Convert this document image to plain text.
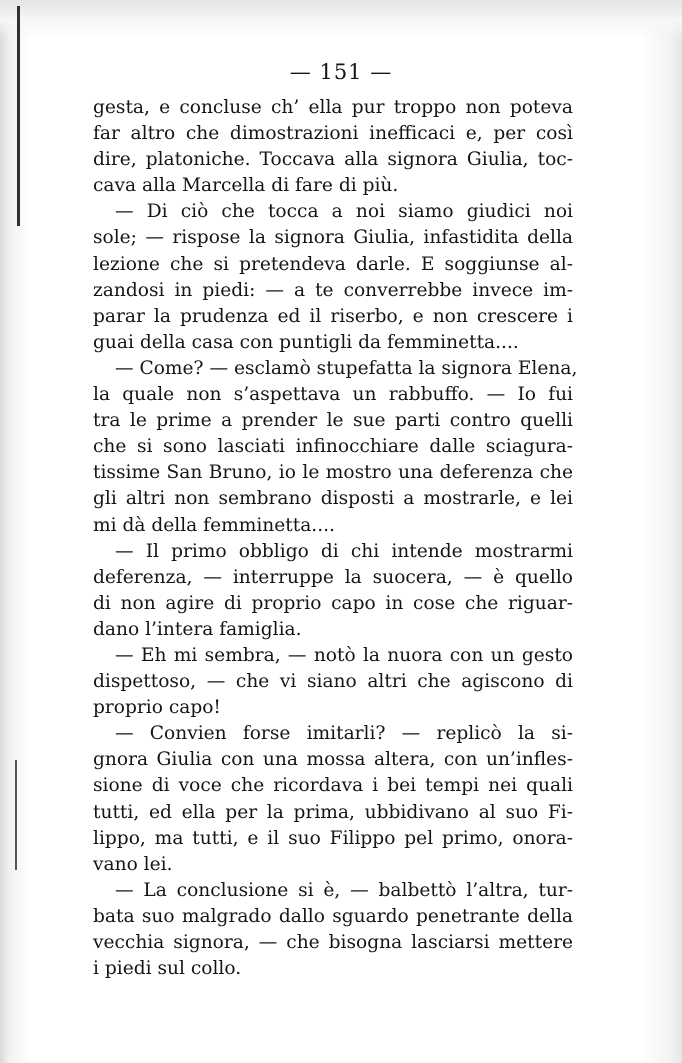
— 151 —
gesta, e concluse ch’ ella pur troppo non poteva
far altro che dimostrazioni inefficaci e, per così
dire, platoniche. Toccava alla signora Giulia, toc-
cava alla Marcella di fare di più.
— Di ciò che tocca a noi siamo giudici noi
sole; — rispose la signora Giulia, infastidita della
lezione che si pretendeva darle. E soggiunse al-
zandosi in piedi: — a te converrebbe invece im-
parar la prudenza ed il riserbo, e non crescere i
guai della casa con puntigli da femminetta....
— Come? — esclamò stupefatta la signora Elena,
la quale non s’aspettava un rabbuffo. — Io fui
tra le prime a prender le sue parti contro quelli
che si sono lasciati infinocchiare dalle sciagura-
tissime San Bruno, io le mostro una deferenza che
gli altri non sembrano disposti a mostrarle, e lei
mi dà della femminetta....
— Il primo obbligo di chi intende mostrarmi
deferenza, — interruppe la suocera, — è quello
di non agire di proprio capo in cose che riguar-
dano l’intera famiglia.
— Eh mi sembra, — notò la nuora con un gesto
dispettoso, — che vi siano altri che agiscono di
proprio capo!
— Convien forse imitarli? — replicò la si-
gnora Giulia con una mossa altera, con un’infles-
sione di voce che ricordava i bei tempi nei quali
tutti, ed ella per la prima, ubbidivano al suo Fi-
lippo, ma tutti, e il suo Filippo pel primo, onora-
vano lei.
— La conclusione si è, — balbettò l’altra, tur-
bata suo malgrado dallo sguardo penetrante della
vecchia signora, — che bisogna lasciarsi mettere
i piedi sul collo.
